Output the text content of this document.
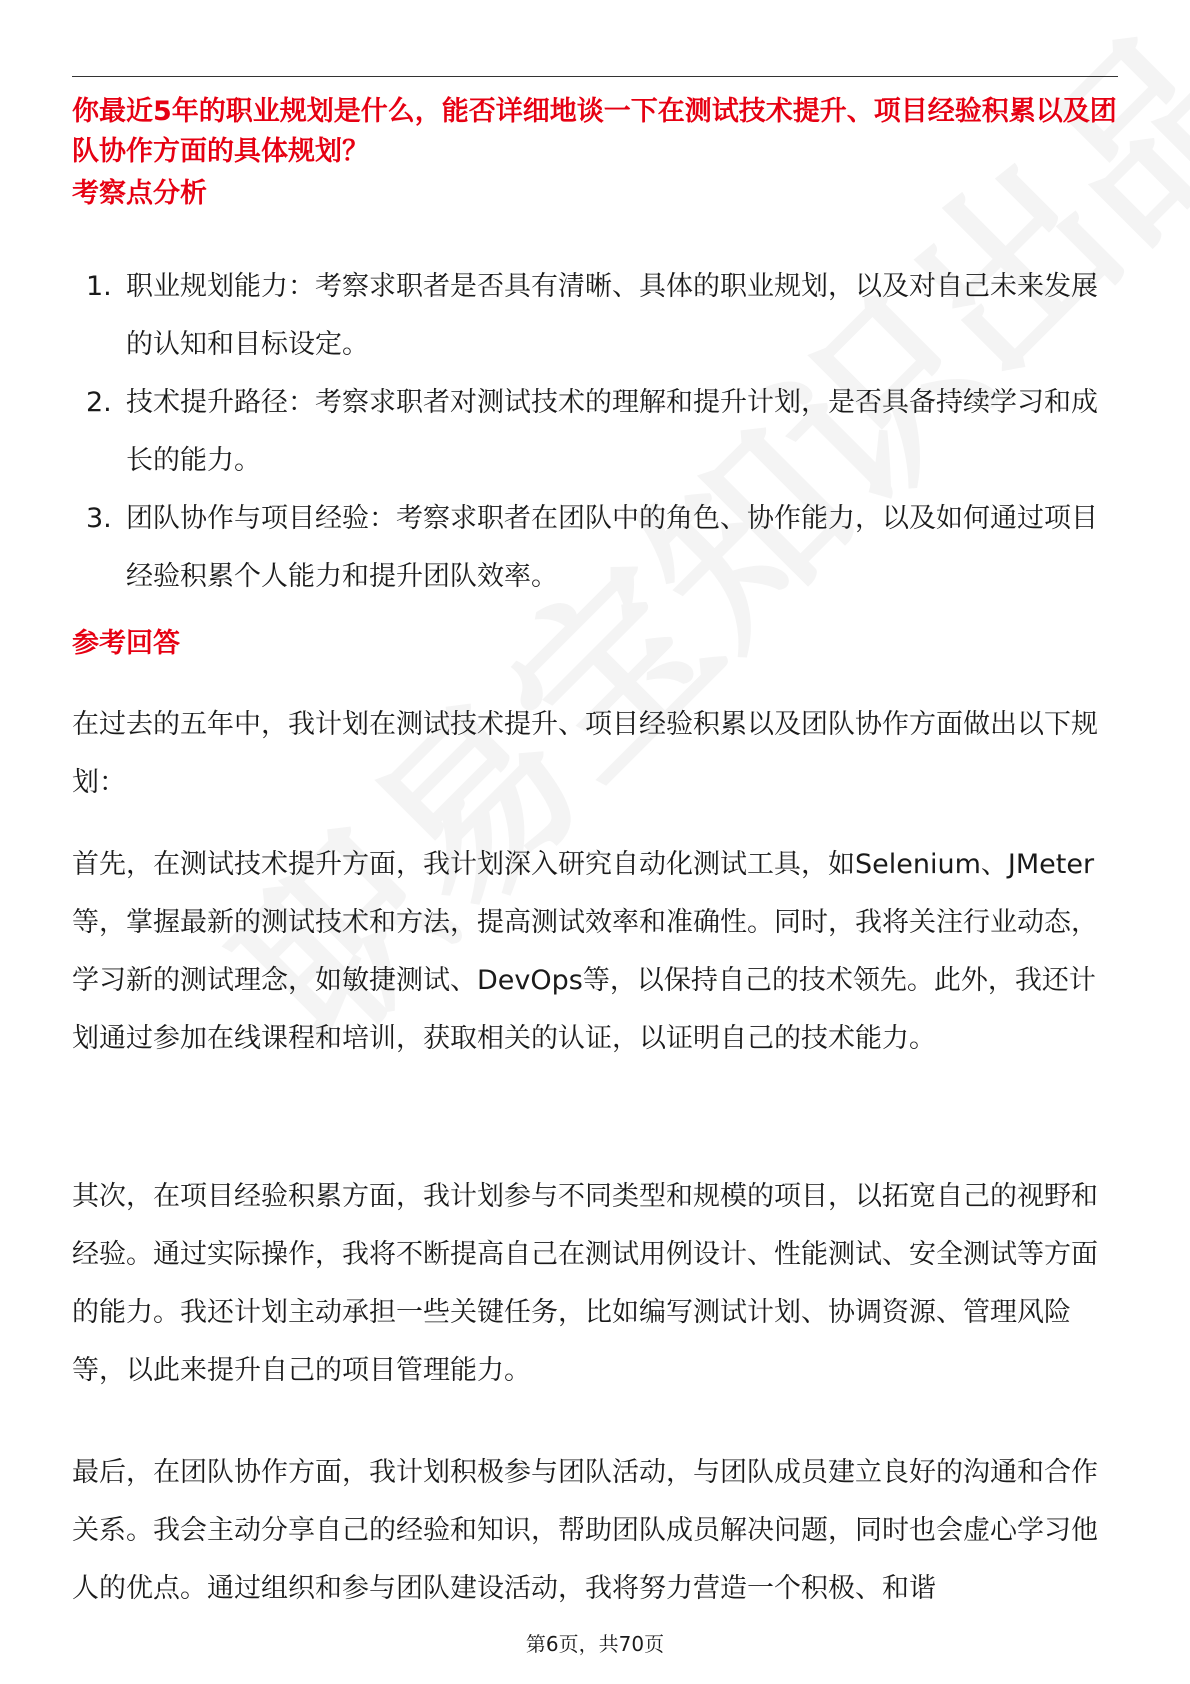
你最近5年的职业规划是什么，能否详细地谈一下在测试技术提升、项目经验积累以及团队协作方面的具体规划？
考察点分析
1. 职业规划能力：考察求职者是否具有清晰、具体的职业规划，以及对自己未来发展的认知和目标设定。
2. 技术提升路径：考察求职者对测试技术的理解和提升计划，是否具备持续学习和成长的能力。
3. 团队协作与项目经验：考察求职者在团队中的角色、协作能力，以及如何通过项目经验积累个人能力和提升团队效率。
参考回答

在过去的五年中，我计划在测试技术提升、项目经验积累以及团队协作方面做出以下规划：

首先，在测试技术提升方面，我计划深入研究自动化测试工具，如Selenium、JMeter等，掌握最新的测试技术和方法，提高测试效率和准确性。同时，我将关注行业动态，学习新的测试理念，如敏捷测试、DevOps等，以保持自己的技术领先。此外，我还计划通过参加在线课程和培训，获取相关的认证，以证明自己的技术能力。

其次，在项目经验积累方面，我计划参与不同类型和规模的项目，以拓宽自己的视野和经验。通过实际操作，我将不断提高自己在测试用例设计、性能测试、安全测试等方面的能力。我还计划主动承担一些关键任务，比如编写测试计划、协调资源、管理风险等，以此来提升自己的项目管理能力。

最后，在团队协作方面，我计划积极参与团队活动，与团队成员建立良好的沟通和合作关系。我会主动分享自己的经验和知识，帮助团队成员解决问题，同时也会虚心学习他人的优点。通过组织和参与团队建设活动，我将努力营造一个积极、和谐

第6页，共70页
